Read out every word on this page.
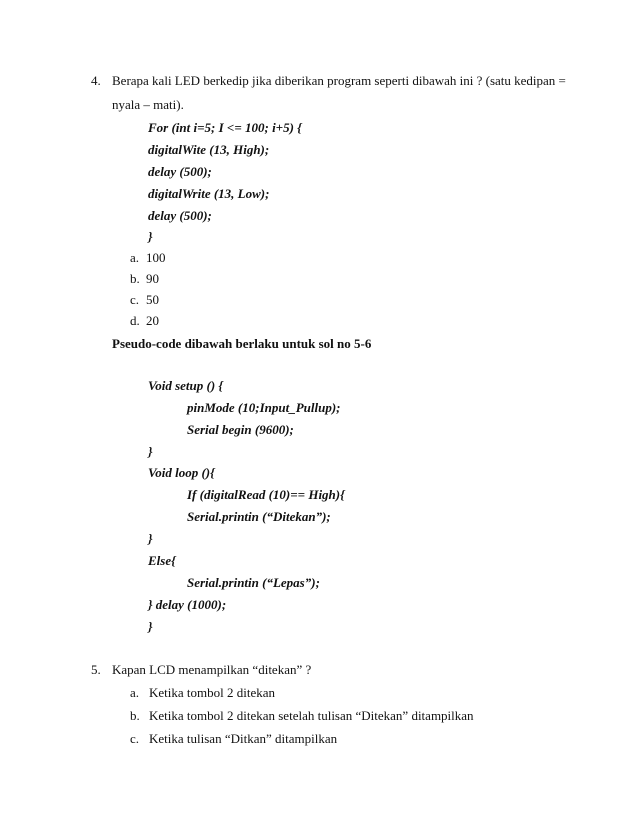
4. Berapa kali LED berkedip jika diberikan program seperti dibawah ini ? (satu kedipan =
nyala – mati).
For (int i=5; I <= 100; i+5) {
digitalWite (13, High);
delay (500);
digitalWrite (13, Low);
delay (500);
}
a. 100
b. 90
c. 50
d. 20
Pseudo-code dibawah berlaku untuk sol no 5-6
Void setup () {
pinMode (10;Input_Pullup);
Serial begin (9600);
}
Void loop (){
If (digitalRead (10)== High){
Serial.printin (“Ditekan”);
}
Else{
Serial.printin (“Lepas”);
} delay (1000);
}
5. Kapan LCD menampilkan “ditekan” ?
a. Ketika tombol 2 ditekan
b. Ketika tombol 2 ditekan setelah tulisan “Ditekan” ditampilkan
c. Ketika tulisan “Ditkan” ditampilkan
